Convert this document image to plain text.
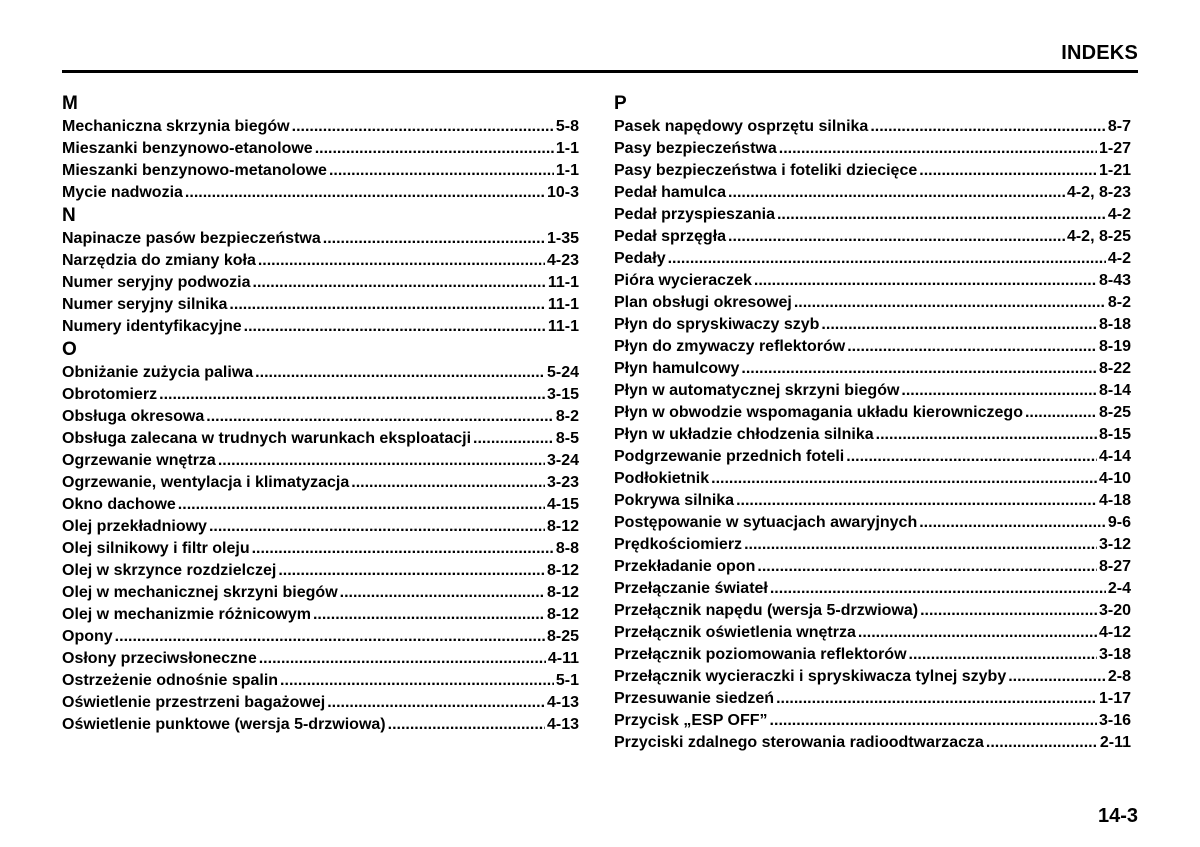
INDEKS
M
Mechaniczna skrzynia biegów .....	5-8
Mieszanki benzynowo-etanolowe .....	1-1
Mieszanki benzynowo-metanolowe .....	1-1
Mycie nadwozia .....	10-3
N
Napinacze pasów bezpieczeństwa .....	1-35
Narzędzia do zmiany koła .....	4-23
Numer seryjny podwozia .....	11-1
Numer seryjny silnika .....	11-1
Numery identyfikacyjne .....	11-1
O
Obniżanie zużycia paliwa .....	5-24
Obrotomierz .....	3-15
Obsługa okresowa .....	8-2
Obsługa zalecana w trudnych warunkach eksploatacji .....	8-5
Ogrzewanie wnętrza .....	3-24
Ogrzewanie, wentylacja i klimatyzacja .....	3-23
Okno dachowe .....	4-15
Olej przekładniowy .....	8-12
Olej silnikowy i filtr oleju .....	8-8
Olej w skrzynce rozdzielczej .....	8-12
Olej w mechanicznej skrzyni biegów .....	8-12
Olej w mechanizmie różnicowym .....	8-12
Opony .....	8-25
Osłony przeciwsłoneczne .....	4-11
Ostrzeżenie odnośnie spalin .....	5-1
Oświetlenie przestrzeni bagażowej .....	4-13
Oświetlenie punktowe (wersja 5-drzwiowa) .....	4-13
P
Pasek napędowy osprzętu silnika .....	8-7
Pasy bezpieczeństwa .....	1-27
Pasy bezpieczeństwa i foteliki dziecięce .....	1-21
Pedał hamulca .....	4-2, 8-23
Pedał przyspieszania .....	4-2
Pedał sprzęgła .....	4-2, 8-25
Pedały .....	4-2
Pióra wycieraczek .....	8-43
Plan obsługi okresowej .....	8-2
Płyn do spryskiwaczy szyb .....	8-18
Płyn do zmywaczy reflektorów .....	8-19
Płyn hamulcowy .....	8-22
Płyn w automatycznej skrzyni biegów .....	8-14
Płyn w obwodzie wspomagania układu kierowniczego .....	8-25
Płyn w układzie chłodzenia silnika .....	8-15
Podgrzewanie przednich foteli .....	4-14
Podłokietnik .....	4-10
Pokrywa silnika .....	4-18
Postępowanie w sytuacjach awaryjnych .....	9-6
Prędkościomierz .....	3-12
Przekładanie opon .....	8-27
Przełączanie świateł .....	2-4
Przełącznik napędu (wersja 5-drzwiowa) .....	3-20
Przełącznik oświetlenia wnętrza .....	4-12
Przełącznik poziomowania reflektorów .....	3-18
Przełącznik wycieraczki i spryskiwacza tylnej szyby .....	2-8
Przesuwanie siedzeń .....	1-17
Przycisk „ESP OFF” .....	3-16
Przyciski zdalnego sterowania radioodtwarzacza .....	2-11
14-3
